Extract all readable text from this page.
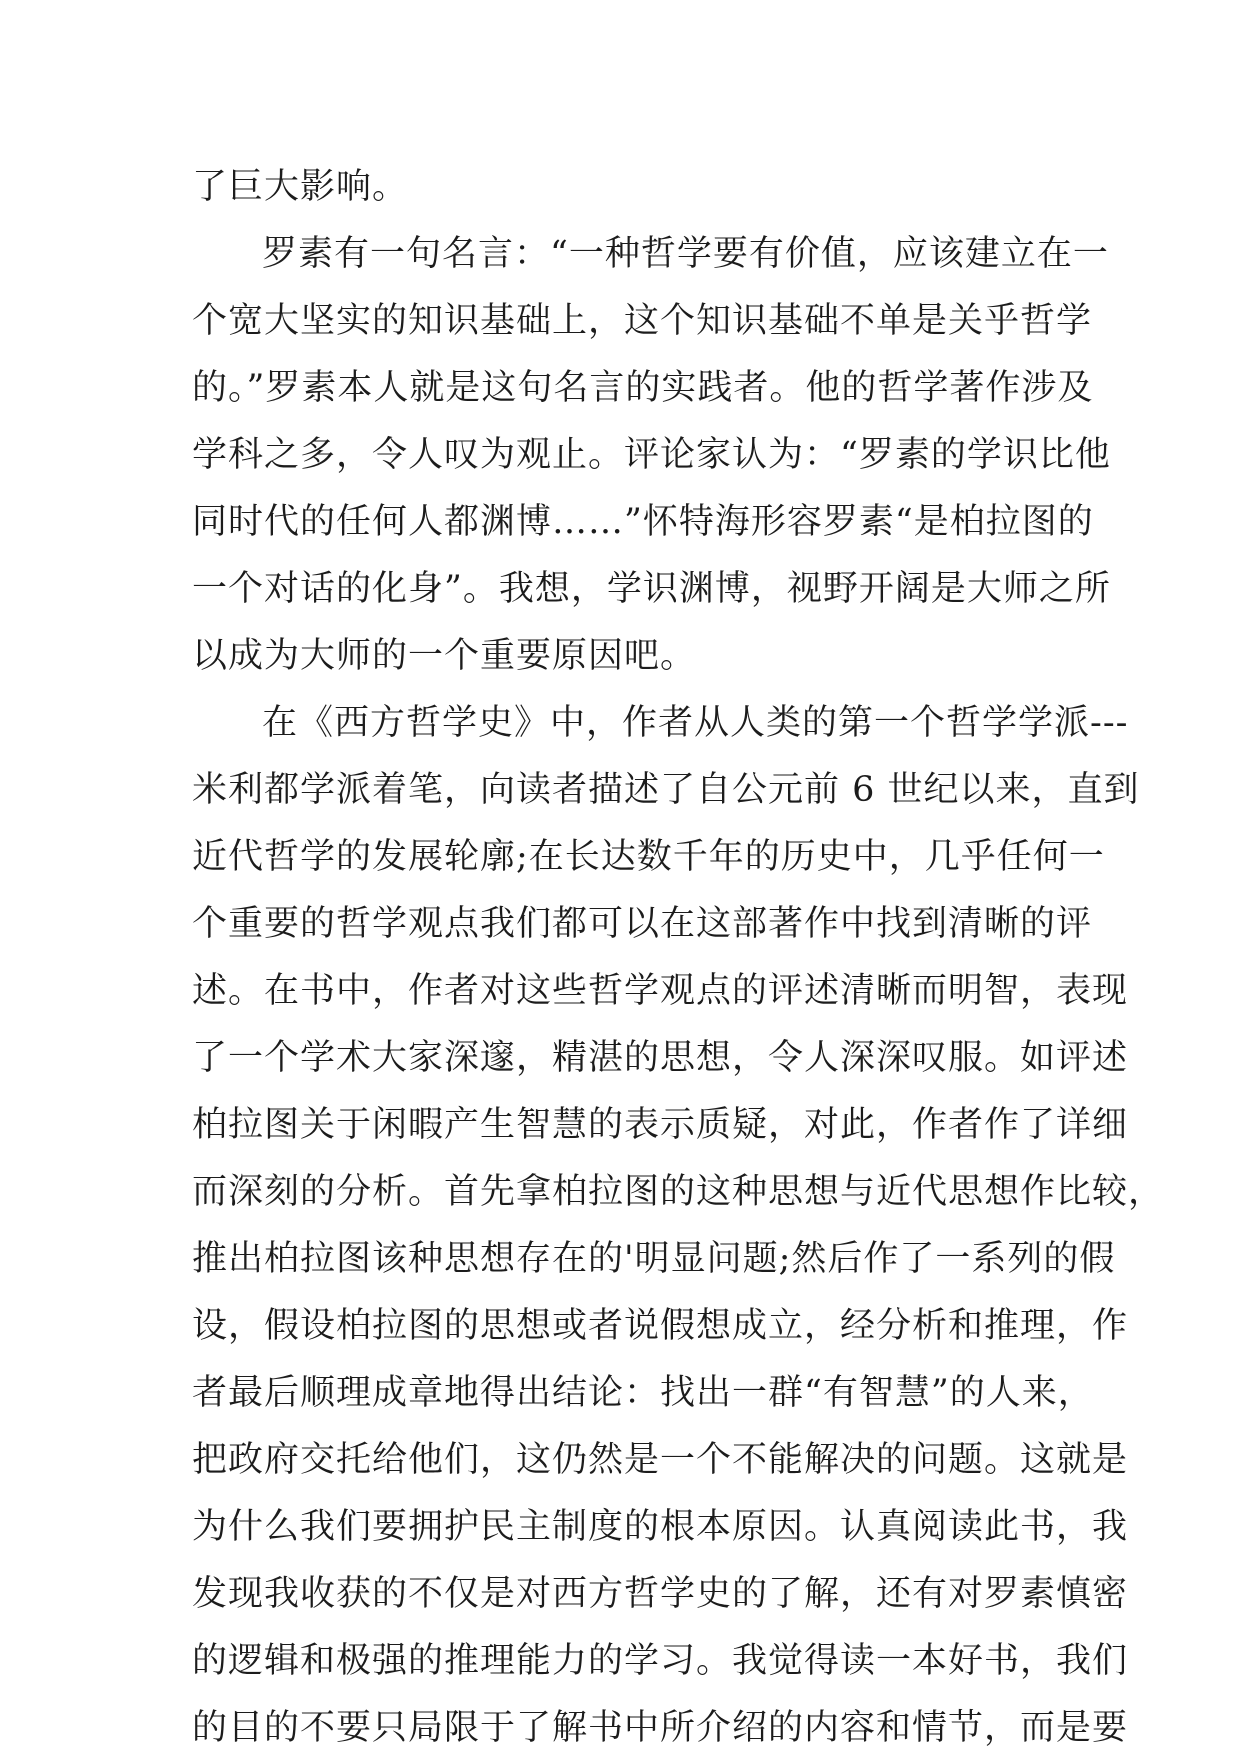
了巨大影响。
罗素有一句名言：“一种哲学要有价值，应该建立在一
个宽大坚实的知识基础上，这个知识基础不单是关乎哲学
的。”罗素本人就是这句名言的实践者。他的哲学著作涉及
学科之多，令人叹为观止。评论家认为：“罗素的学识比他
同时代的任何人都渊博……”怀特海形容罗素“是柏拉图的
一个对话的化身”。我想，学识渊博，视野开阔是大师之所
以成为大师的一个重要原因吧。
在《西方哲学史》中，作者从人类的第一个哲学学派---
米利都学派着笔，向读者描述了自公元前 6 世纪以来，直到
近代哲学的发展轮廓;在长达数千年的历史中，几乎任何一
个重要的哲学观点我们都可以在这部著作中找到清晰的评
述。在书中，作者对这些哲学观点的评述清晰而明智，表现
了一个学术大家深邃，精湛的思想，令人深深叹服。如评述
柏拉图关于闲暇产生智慧的表示质疑，对此，作者作了详细
而深刻的分析。首先拿柏拉图的这种思想与近代思想作比较，
推出柏拉图该种思想存在的'明显问题;然后作了一系列的假
设，假设柏拉图的思想或者说假想成立，经分析和推理，作
者最后顺理成章地得出结论：找出一群“有智慧”的人来，
把政府交托给他们，这仍然是一个不能解决的问题。这就是
为什么我们要拥护民主制度的根本原因。认真阅读此书，我
发现我收获的不仅是对西方哲学史的了解，还有对罗素慎密
的逻辑和极强的推理能力的学习。我觉得读一本好书，我们
的目的不要只局限于了解书中所介绍的内容和情节，而是要
